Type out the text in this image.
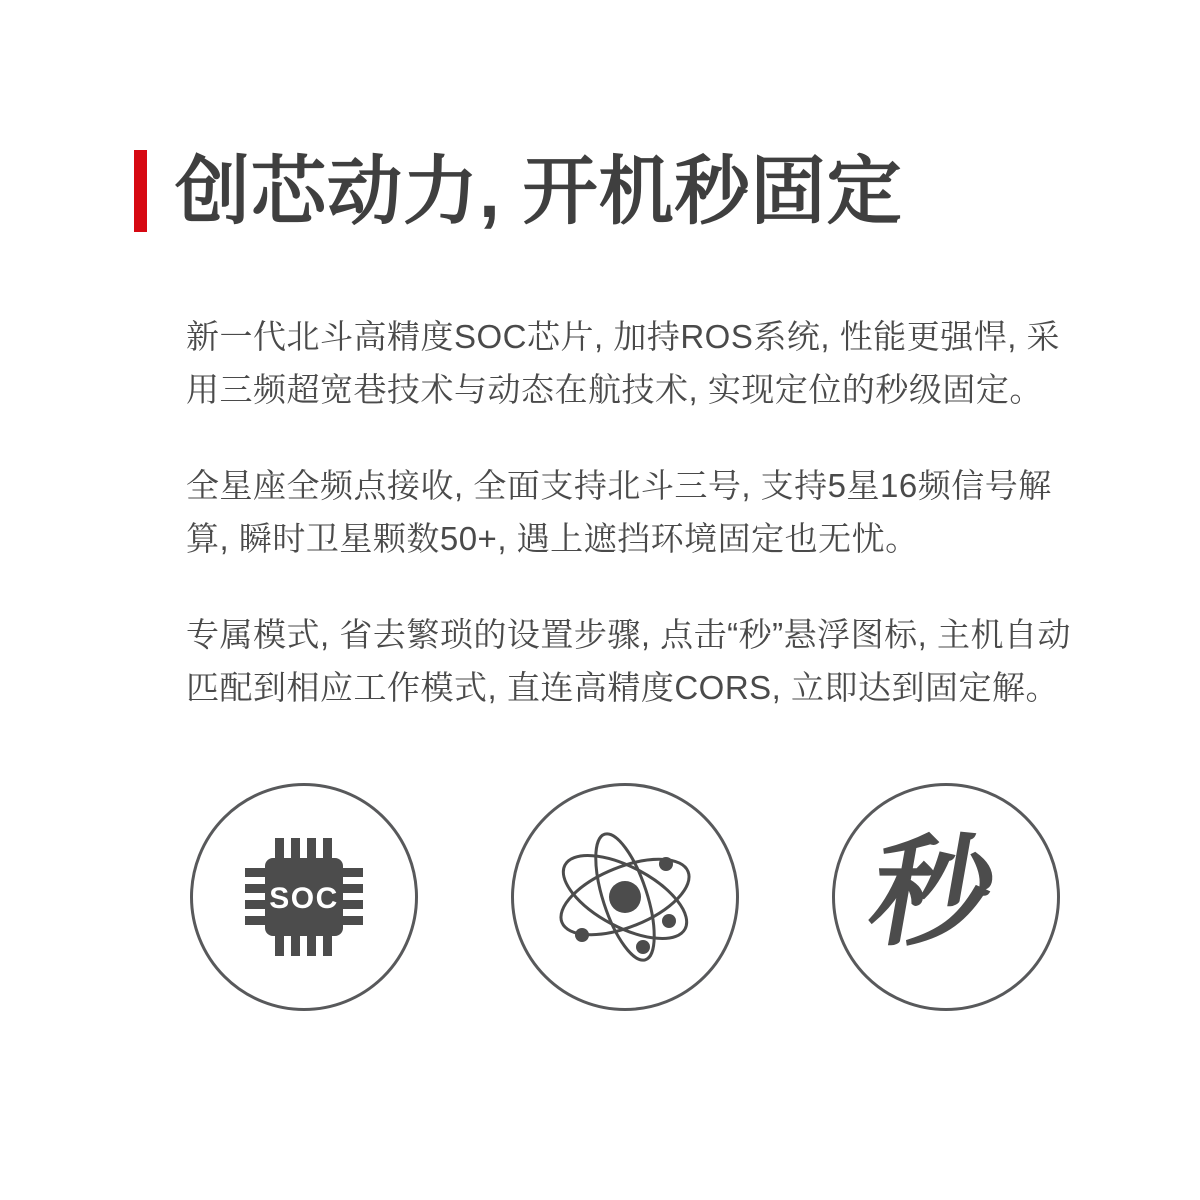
创芯动力, 开机秒固定

新一代北斗高精度SOC芯片, 加持ROS系统, 性能更强悍, 采用三频超宽巷技术与动态在航技术, 实现定位的秒级固定。

全星座全频点接收, 全面支持北斗三号, 支持5星16频信号解算, 瞬时卫星颗数50+, 遇上遮挡环境固定也无忧。

专属模式, 省去繁琐的设置步骤, 点击“秒”悬浮图标, 主机自动匹配到相应工作模式, 直连高精度CORS, 立即达到固定解。

SOC	秒
